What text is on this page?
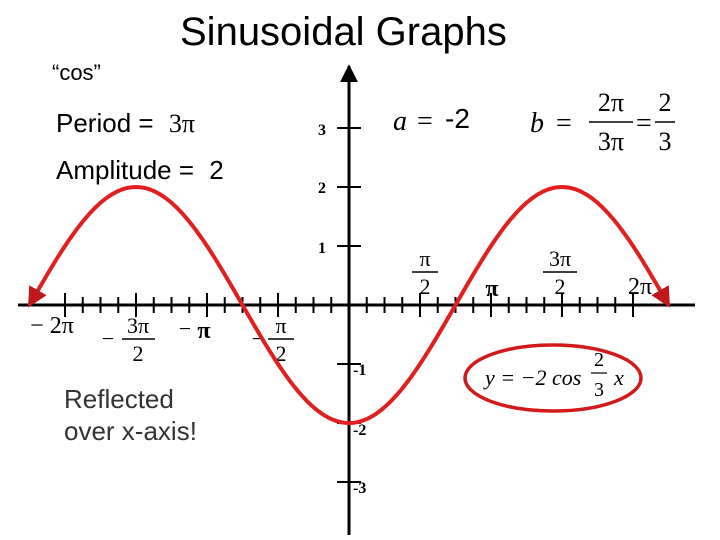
Sinusoidal Graphs
“cos”
Period = 3π
Amplitude = 2
Reflected
over x-axis!
3
2
1
-1
-2
-3
π
2 π
3π
2	2π
− 2π −
3π
2
− π −
π
2
a = -2 b =
2π
3π
=
2
3
y = −2 cos
2
3 x
